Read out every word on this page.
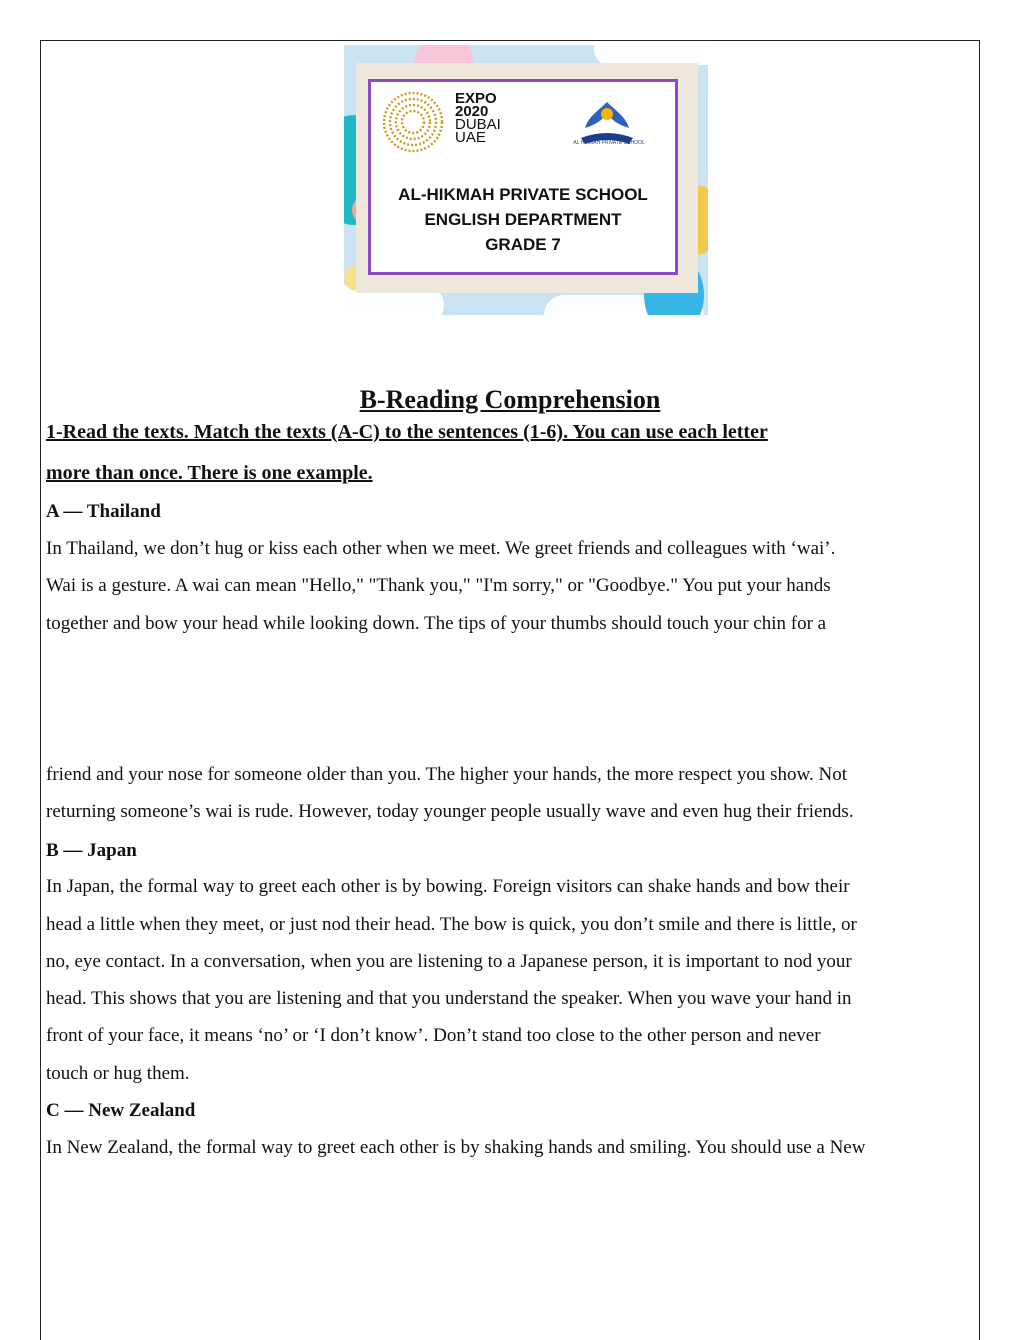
EXPO
2020
DUBAI
UAE	AL HIKMAH PRIVATE SCHOOL
AL-HIKMAH PRIVATE SCHOOL
ENGLISH DEPARTMENT
GRADE 7
B-Reading Comprehension
1-Read the texts. Match the texts (A-C) to the sentences (1-6). You can use each letter
more than once. There is one example.
A — Thailand
In Thailand, we don’t hug or kiss each other when we meet. We greet friends and colleagues with ‘wai’.
Wai is a gesture. A wai can mean "Hello," "Thank you," "I'm sorry," or "Goodbye." You put your hands
together and bow your head while looking down. The tips of your thumbs should touch your chin for a
friend and your nose for someone older than you. The higher your hands, the more respect you show. Not
returning someone’s wai is rude. However, today younger people usually wave and even hug their friends.
B — Japan
In Japan, the formal way to greet each other is by bowing. Foreign visitors can shake hands and bow their
head a little when they meet, or just nod their head. The bow is quick, you don’t smile and there is little, or
no, eye contact. In a conversation, when you are listening to a Japanese person, it is important to nod your
head. This shows that you are listening and that you understand the speaker. When you wave your hand in
front of your face, it means ‘no’ or ‘I don’t know’. Don’t stand too close to the other person and never
touch or hug them.
C — New Zealand
In New Zealand, the formal way to greet each other is by shaking hands and smiling. You should use a New
